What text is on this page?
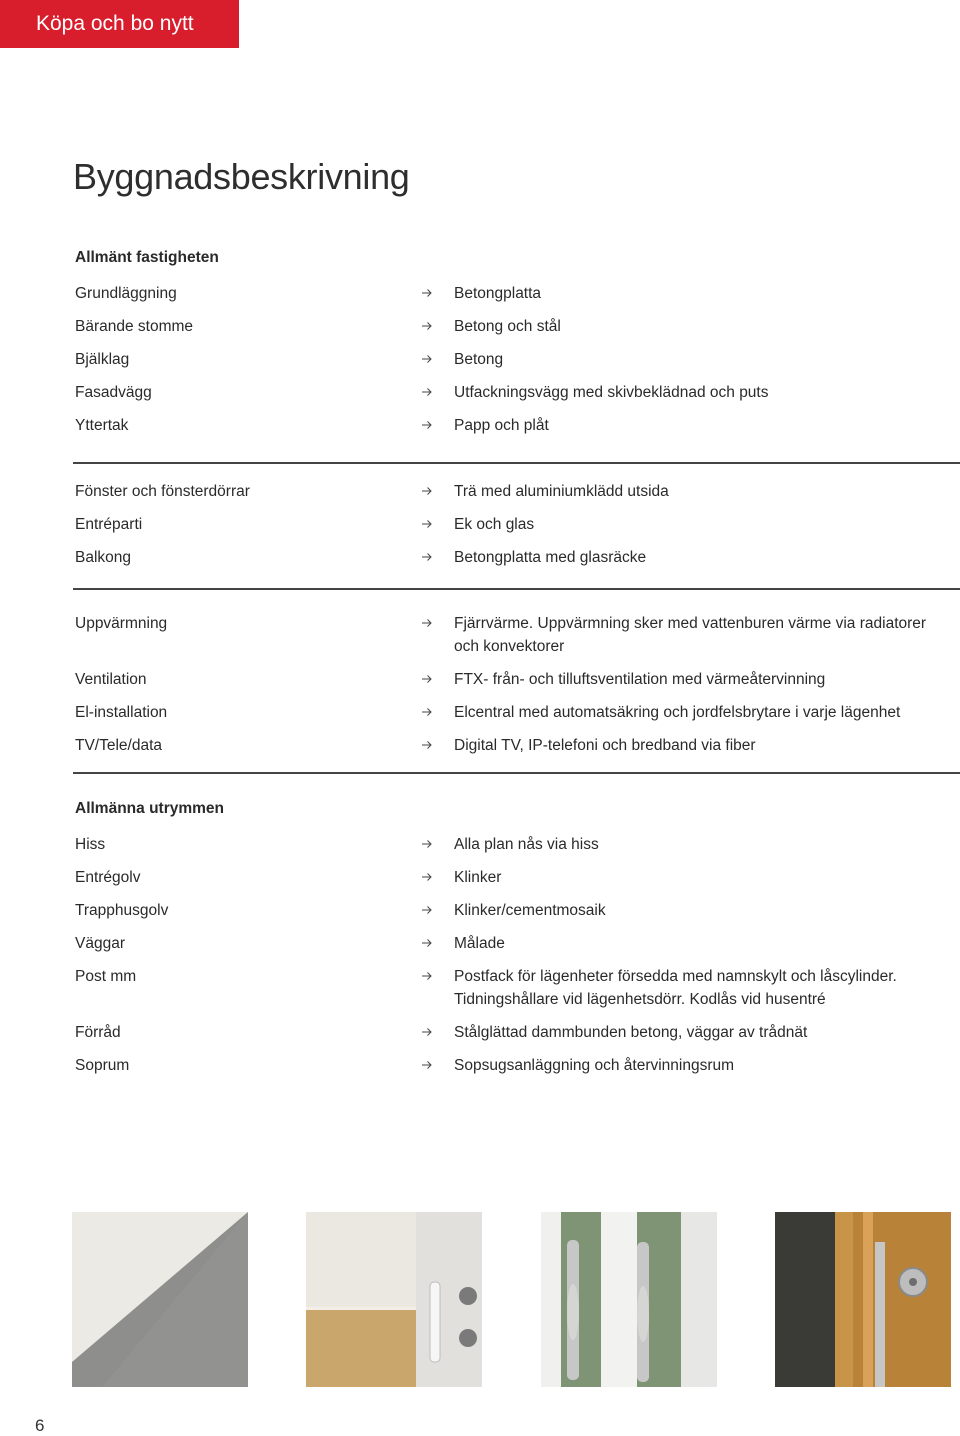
Köpa och bo nytt
Byggnadsbeskrivning
Allmänt fastigheten
Grundläggning	Betongplatta
Bärande stomme	Betong och stål
Bjälklag	Betong
Fasadvägg	Utfackningsvägg med skivbeklädnad och puts
Yttertak	Papp och plåt
Fönster och fönsterdörrar	Trä med aluminiumklädd utsida
Entréparti	Ek och glas
Balkong	Betongplatta med glasräcke
Uppvärmning	Fjärrvärme. Uppvärmning sker med vattenburen värme via radiatorer och konvektorer
Ventilation	FTX- från- och tilluftsventilation med värmeåtervinning
El-installation	Elcentral med automatsäkring och jordfelsbrytare i varje lägenhet
TV/Tele/data	Digital TV, IP-telefoni och bredband via fiber
Allmänna utrymmen
Hiss	Alla plan nås via hiss
Entrégolv	Klinker
Trapphusgolv	Klinker/cementmosaik
Väggar	Målade
Post mm	Postfack för lägenheter försedda med namnskylt och låscylinder. Tidningshållare vid lägenhetsdörr. Kodlås vid husentré
Förråd	Stålglättad dammbunden betong, väggar av trådnät
Soprum	Sopsugsanläggning och återvinningsrum
6
